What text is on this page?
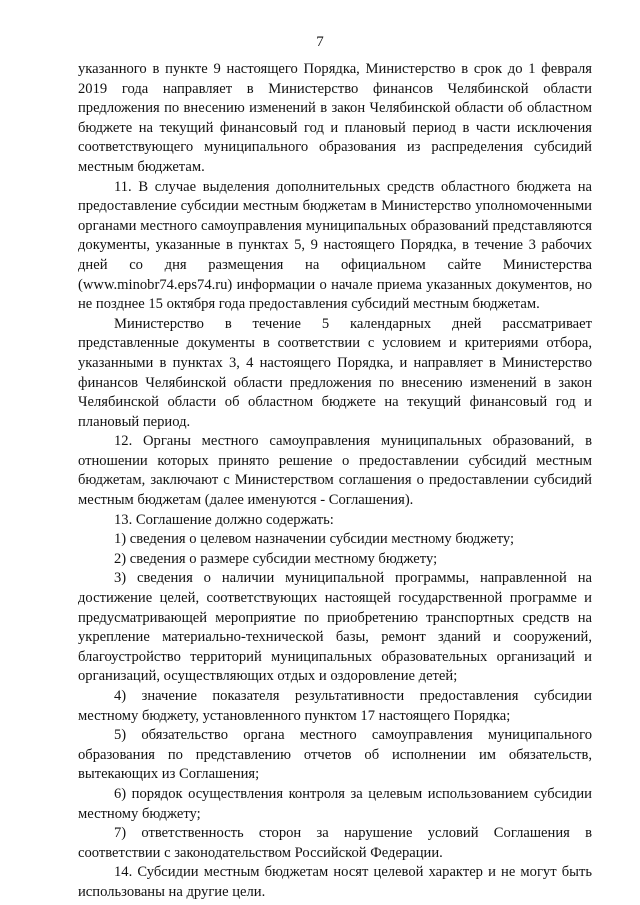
7

указанного в пункте 9 настоящего Порядка, Министерство в срок до 1 февраля 2019 года направляет в Министерство финансов Челябинской области предложения по внесению изменений в закон Челябинской области об областном бюджете на текущий финансовый год и плановый период в части исключения соответствующего муниципального образования из распределения субсидий местным бюджетам.

11. В случае выделения дополнительных средств областного бюджета на предоставление субсидии местным бюджетам в Министерство уполномоченными органами местного самоуправления муниципальных образований представляются документы, указанные в пунктах 5, 9 настоящего Порядка, в течение 3 рабочих дней со дня размещения на официальном сайте Министерства (www.minobr74.eps74.ru) информации о начале приема указанных документов, но не позднее 15 октября года предоставления субсидий местным бюджетам.

Министерство в течение 5 календарных дней рассматривает представленные документы в соответствии с условием и критериями отбора, указанными в пунктах 3, 4 настоящего Порядка, и направляет в Министерство финансов Челябинской области предложения по внесению изменений в закон Челябинской области об областном бюджете на текущий финансовый год и плановый период.

12. Органы местного самоуправления муниципальных образований, в отношении которых принято решение о предоставлении субсидий местным бюджетам, заключают с Министерством соглашения о предоставлении субсидий местным бюджетам (далее именуются - Соглашения).

13. Соглашение должно содержать:

1) сведения о целевом назначении субсидии местному бюджету;

2) сведения о размере субсидии местному бюджету;

3) сведения о наличии муниципальной программы, направленной на достижение целей, соответствующих настоящей государственной программе и предусматривающей мероприятие по приобретению транспортных средств на укрепление материально-технической базы, ремонт зданий и сооружений, благоустройство территорий муниципальных образовательных организаций и организаций, осуществляющих отдых и оздоровление детей;

4) значение показателя результативности предоставления субсидии местному бюджету, установленного пунктом 17 настоящего Порядка;

5) обязательство органа местного самоуправления муниципального образования по представлению отчетов об исполнении им обязательств, вытекающих из Соглашения;

6) порядок осуществления контроля за целевым использованием субсидии местному бюджету;

7) ответственность сторон за нарушение условий Соглашения в соответствии с законодательством Российской Федерации.

14. Субсидии местным бюджетам носят целевой характер и не могут быть использованы на другие цели.
